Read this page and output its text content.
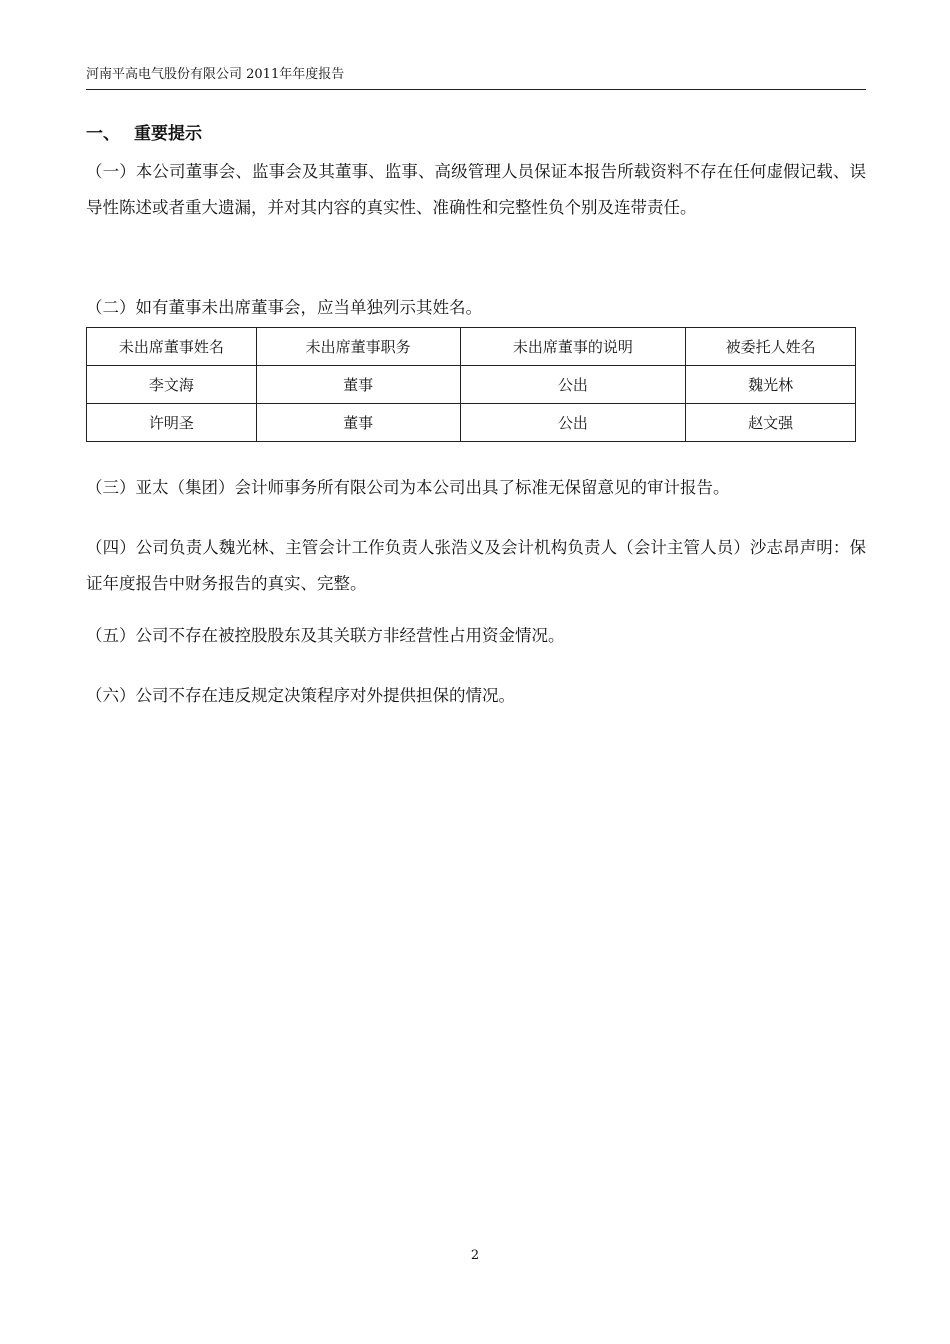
河南平高电气股份有限公司 2011年年度报告
一、 重要提示
（一）本公司董事会、监事会及其董事、监事、高级管理人员保证本报告所载资料不存在任何虚假记载、误导性陈述或者重大遗漏，并对其内容的真实性、准确性和完整性负个别及连带责任。
（二）如有董事未出席董事会，应当单独列示其姓名。
未出席董事姓名	未出席董事职务	未出席董事的说明	被委托人姓名
李文海	董事	公出	魏光林
许明圣	董事	公出	赵文强
（三）亚太（集团）会计师事务所有限公司为本公司出具了标准无保留意见的审计报告。
（四）公司负责人魏光林、主管会计工作负责人张浩义及会计机构负责人（会计主管人员）沙志昂声明：保证年度报告中财务报告的真实、完整。
（五）公司不存在被控股股东及其关联方非经营性占用资金情况。
（六）公司不存在违反规定决策程序对外提供担保的情况。
2
